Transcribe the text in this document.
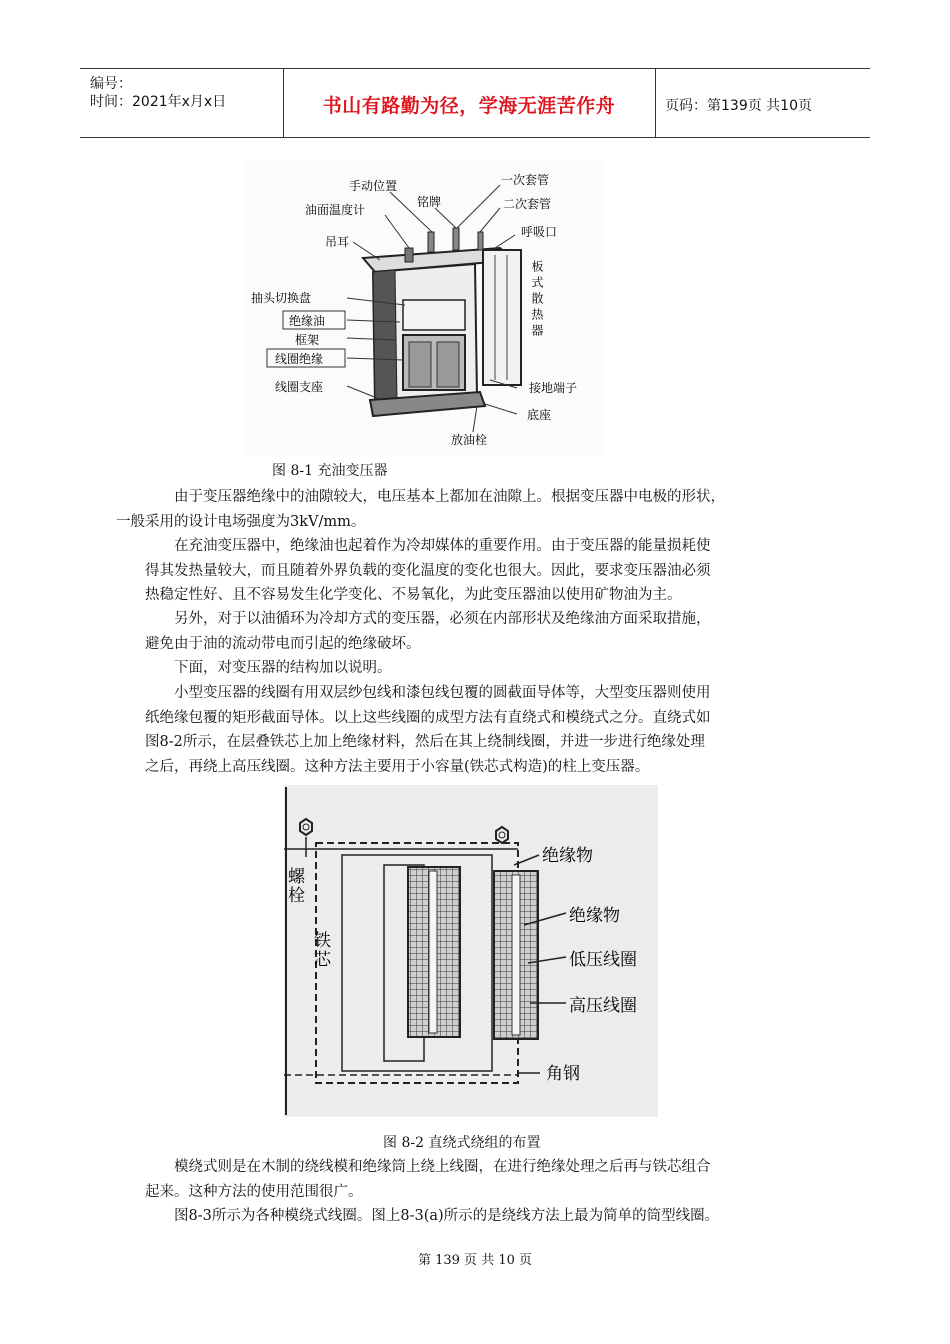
编号：
时间：2021年x月x日	书山有路勤为径，学海无涯苦作舟	页码：第139页 共10页
手动位置
油面温度计
吊耳
铭牌
一次套管
二次套管
呼吸口
抽头切换盘
绝缘油
框架
线圈绝缘
线圈支座	接地端子
底座
放油栓
板式散热器
图 8-1 充油变压器

由于变压器绝缘中的油隙较大，电压基本上都加在油隙上。根据变压器中电极的形状，
一般采用的设计电场强度为3kV/mm。

在充油变压器中，绝缘油也起着作为冷却媒体的重要作用。由于变压器的能量损耗使
得其发热量较大，而且随着外界负载的变化温度的变化也很大。因此，要求变压器油必须
热稳定性好、且不容易发生化学变化、不易氧化，为此变压器油以使用矿物油为主。

另外，对于以油循环为冷却方式的变压器，必须在内部形状及绝缘油方面采取措施，
避免由于油的流动带电而引起的绝缘破坏。

下面，对变压器的结构加以说明。

小型变压器的线圈有用双层纱包线和漆包线包覆的圆截面导体等，大型变压器则使用
纸绝缘包覆的矩形截面导体。以上这些线圈的成型方法有直绕式和模绕式之分。直绕式如
图8-2所示，在层叠铁芯上加上绝缘材料，然后在其上绕制线圈，并进一步进行绝缘处理
之后，再绕上高压线圈。这种方法主要用于小容量(铁芯式构造)的柱上变压器。

绝缘物
绝缘物
低压线圈
高压线圈
角钢
螺栓
铁芯
图 8-2 直绕式绕组的布置

模绕式则是在木制的绕线模和绝缘筒上绕上线圈，在进行绝缘处理之后再与铁芯组合
起来。这种方法的使用范围很广。

图8-3所示为各种模绕式线圈。图上8-3(a)所示的是绕线方法上最为简单的筒型线圈。

第 139 页 共 10 页
